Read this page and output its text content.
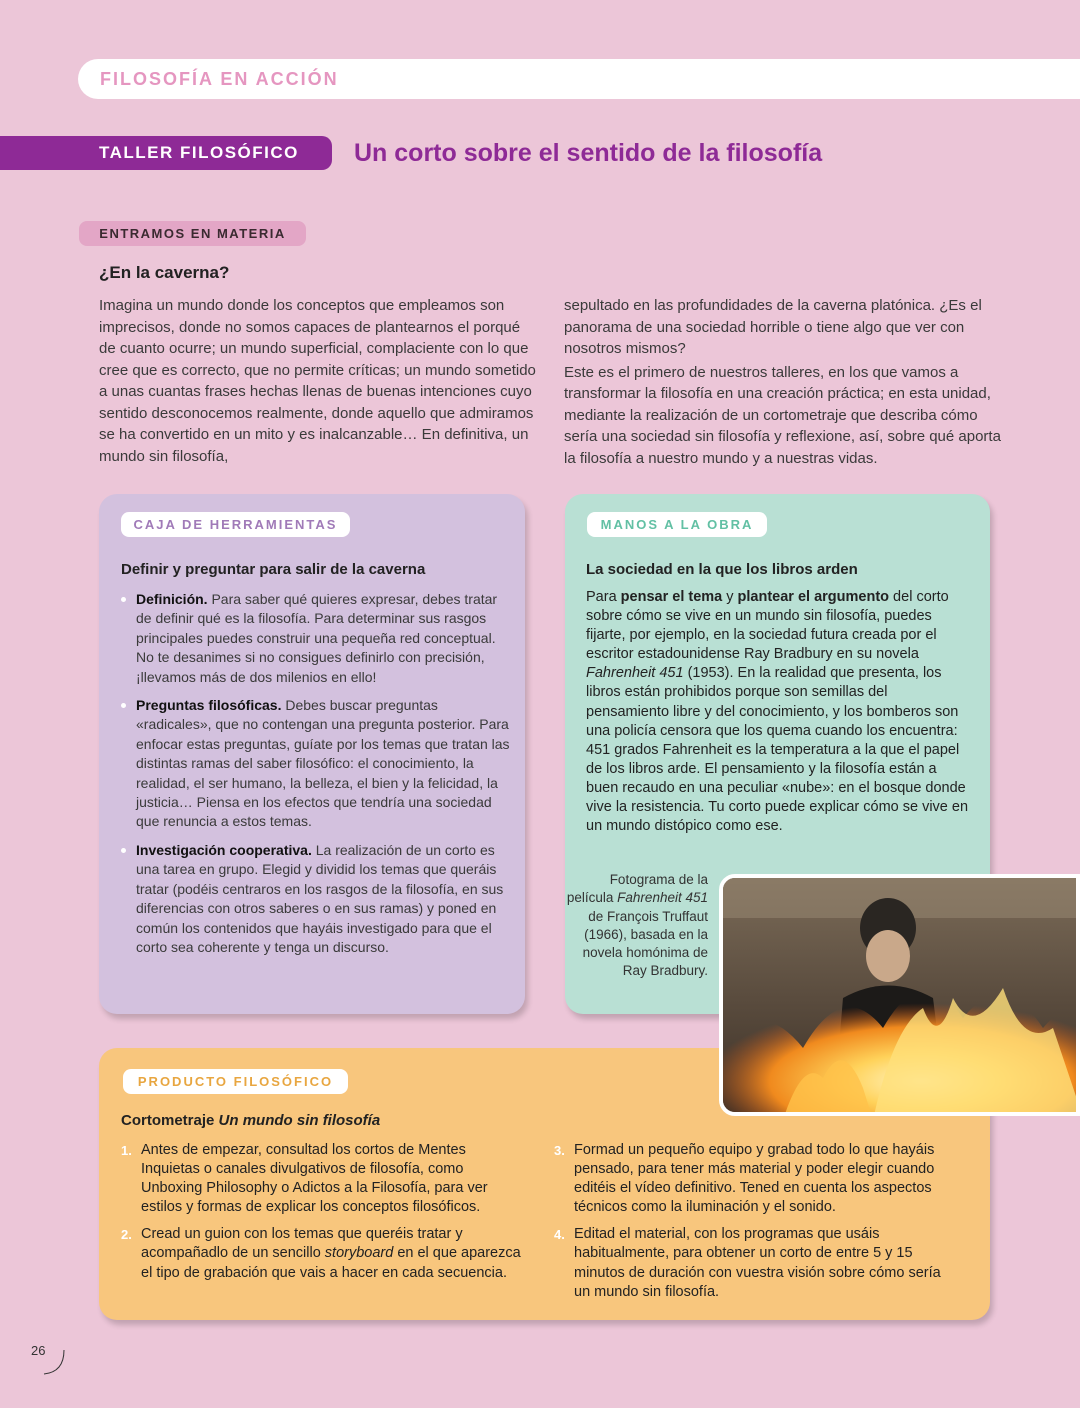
FILOSOFÍA EN ACCIÓN
TALLER FILOSÓFICO	Un corto sobre el sentido de la filosofía
ENTRAMOS EN MATERIA
¿En la caverna?

Imagina un mundo donde los conceptos que empleamos son imprecisos, donde no somos capaces de plantearnos el porqué de cuanto ocurre; un mundo superficial, complaciente con lo que cree que es correcto, que no permite críticas; un mundo sometido a unas cuantas frases hechas llenas de buenas intenciones cuyo sentido desconocemos realmente, donde aquello que admiramos se ha convertido en un mito y es inalcanzable… En definitiva, un mundo sin filosofía,

sepultado en las profundidades de la caverna platónica. ¿Es el panorama de una sociedad horrible o tiene algo que ver con nosotros mismos?

Este es el primero de nuestros talleres, en los que vamos a transformar la filosofía en una creación práctica; en esta unidad, mediante la realización de un cortometraje que describa cómo sería una sociedad sin filosofía y reflexione, así, sobre qué aporta la filosofía a nuestro mundo y a nuestras vidas.

CAJA DE HERRAMIENTAS
Definir y preguntar para salir de la caverna
Definición. Para saber qué quieres expresar, debes tratar de definir qué es la filosofía. Para determinar sus rasgos principales puedes construir una pequeña red conceptual. No te desanimes si no consigues definirlo con precisión, ¡llevamos más de dos milenios en ello!
Preguntas filosóficas. Debes buscar preguntas «radicales», que no contengan una pregunta posterior. Para enfocar estas preguntas, guíate por los temas que tratan las distintas ramas del saber filosófico: el conocimiento, la realidad, el ser humano, la belleza, el bien y la felicidad, la justicia… Piensa en los efectos que tendría una sociedad que renuncia a estos temas.
Investigación cooperativa. La realización de un corto es una tarea en grupo. Elegid y dividid los temas que queráis tratar (podéis centraros en los rasgos de la filosofía, en sus diferencias con otros saberes o en sus ramas) y poned en común los contenidos que hayáis investigado para que el corto sea coherente y tenga un discurso.
MANOS A LA OBRA
La sociedad en la que los libros arden
Para pensar el tema y plantear el argumento del corto sobre cómo se vive en un mundo sin filosofía, puedes fijarte, por ejemplo, en la sociedad futura creada por el escritor estadounidense Ray Bradbury en su novela Fahrenheit 451 (1953). En la realidad que presenta, los libros están prohibidos porque son semillas del pensamiento libre y del conocimiento, y los bomberos son una policía censora que los quema cuando los encuentra: 451 grados Fahrenheit es la temperatura a la que el papel de los libros arde. El pensamiento y la filosofía están a buen recaudo en una peculiar «nube»: en el bosque donde vive la resistencia. Tu corto puede explicar cómo se vive en un mundo distópico como ese.
Fotograma de la película Fahrenheit 451 de François Truffaut (1966), basada en la novela homónima de Ray Bradbury.
PRODUCTO FILOSÓFICO
Cortometraje Un mundo sin filosofía
1. Antes de empezar, consultad los cortos de Mentes Inquietas o canales divulgativos de filosofía, como Unboxing Philosophy o Adictos a la Filosofía, para ver estilos y formas de explicar los conceptos filosóficos.
2. Cread un guion con los temas que queréis tratar y acompañadlo de un sencillo storyboard en el que aparezca el tipo de grabación que vais a hacer en cada secuencia.
3. Formad un pequeño equipo y grabad todo lo que hayáis pensado, para tener más material y poder elegir cuando editéis el vídeo definitivo. Tened en cuenta los aspectos técnicos como la iluminación y el sonido.
4. Editad el material, con los programas que usáis habitualmente, para obtener un corto de entre 5 y 15 minutos de duración con vuestra visión sobre cómo sería un mundo sin filosofía.
26
